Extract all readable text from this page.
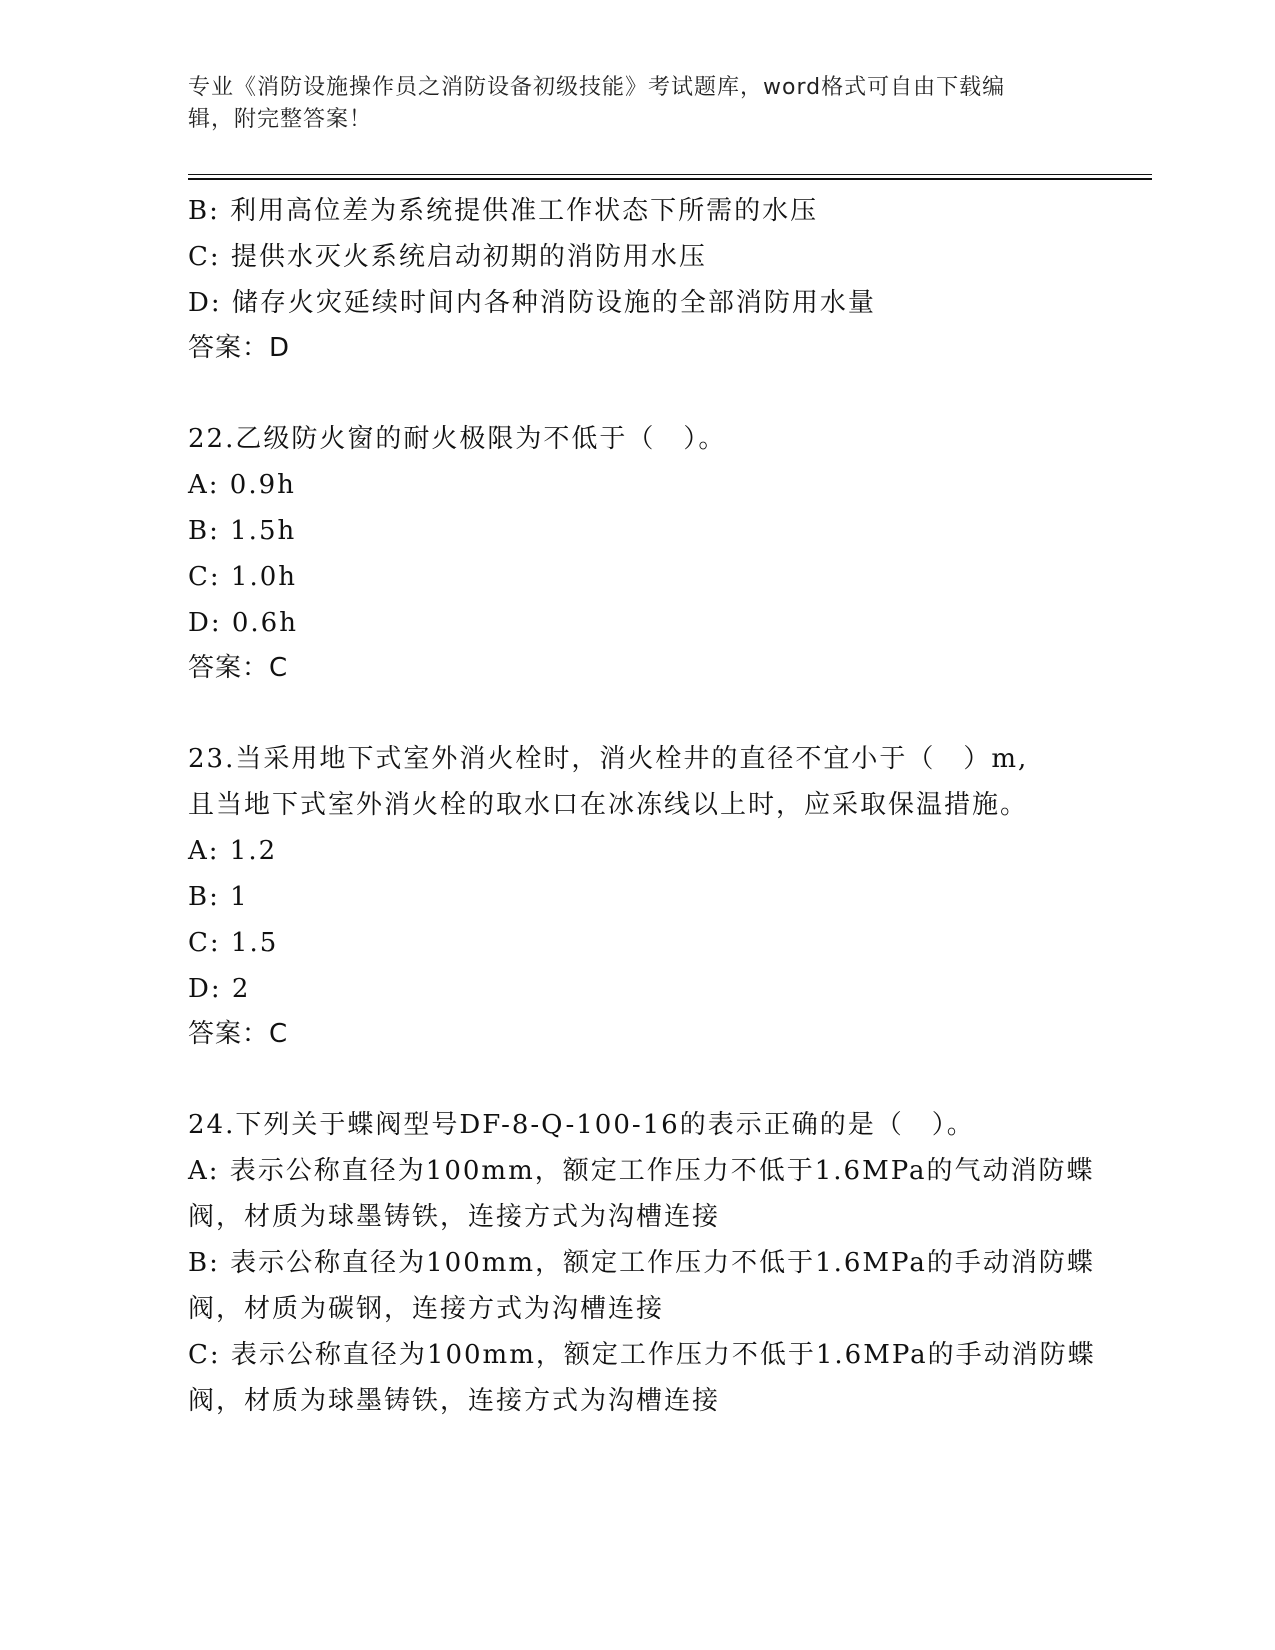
专业《消防设施操作员之消防设备初级技能》考试题库，word格式可自由下载编
辑，附完整答案！
B: 利用高位差为系统提供准工作状态下所需的水压
C: 提供水灭火系统启动初期的消防用水压
D: 储存火灾延续时间内各种消防设施的全部消防用水量
答案：D
22.乙级防火窗的耐火极限为不低于（　）。
A: 0.9h
B: 1.5h
C: 1.0h
D: 0.6h
答案：C
23.当采用地下式室外消火栓时，消火栓井的直径不宜小于（　）m,
且当地下式室外消火栓的取水口在冰冻线以上时，应采取保温措施。
A: 1.2
B: 1
C: 1.5
D: 2
答案：C
24.下列关于蝶阀型号DF-8-Q-100-16的表示正确的是（　）。
A: 表示公称直径为100mm，额定工作压力不低于1.6MPa的气动消防蝶
阀，材质为球墨铸铁，连接方式为沟槽连接
B: 表示公称直径为100mm，额定工作压力不低于1.6MPa的手动消防蝶
阀，材质为碳钢，连接方式为沟槽连接
C: 表示公称直径为100mm，额定工作压力不低于1.6MPa的手动消防蝶
阀，材质为球墨铸铁，连接方式为沟槽连接
